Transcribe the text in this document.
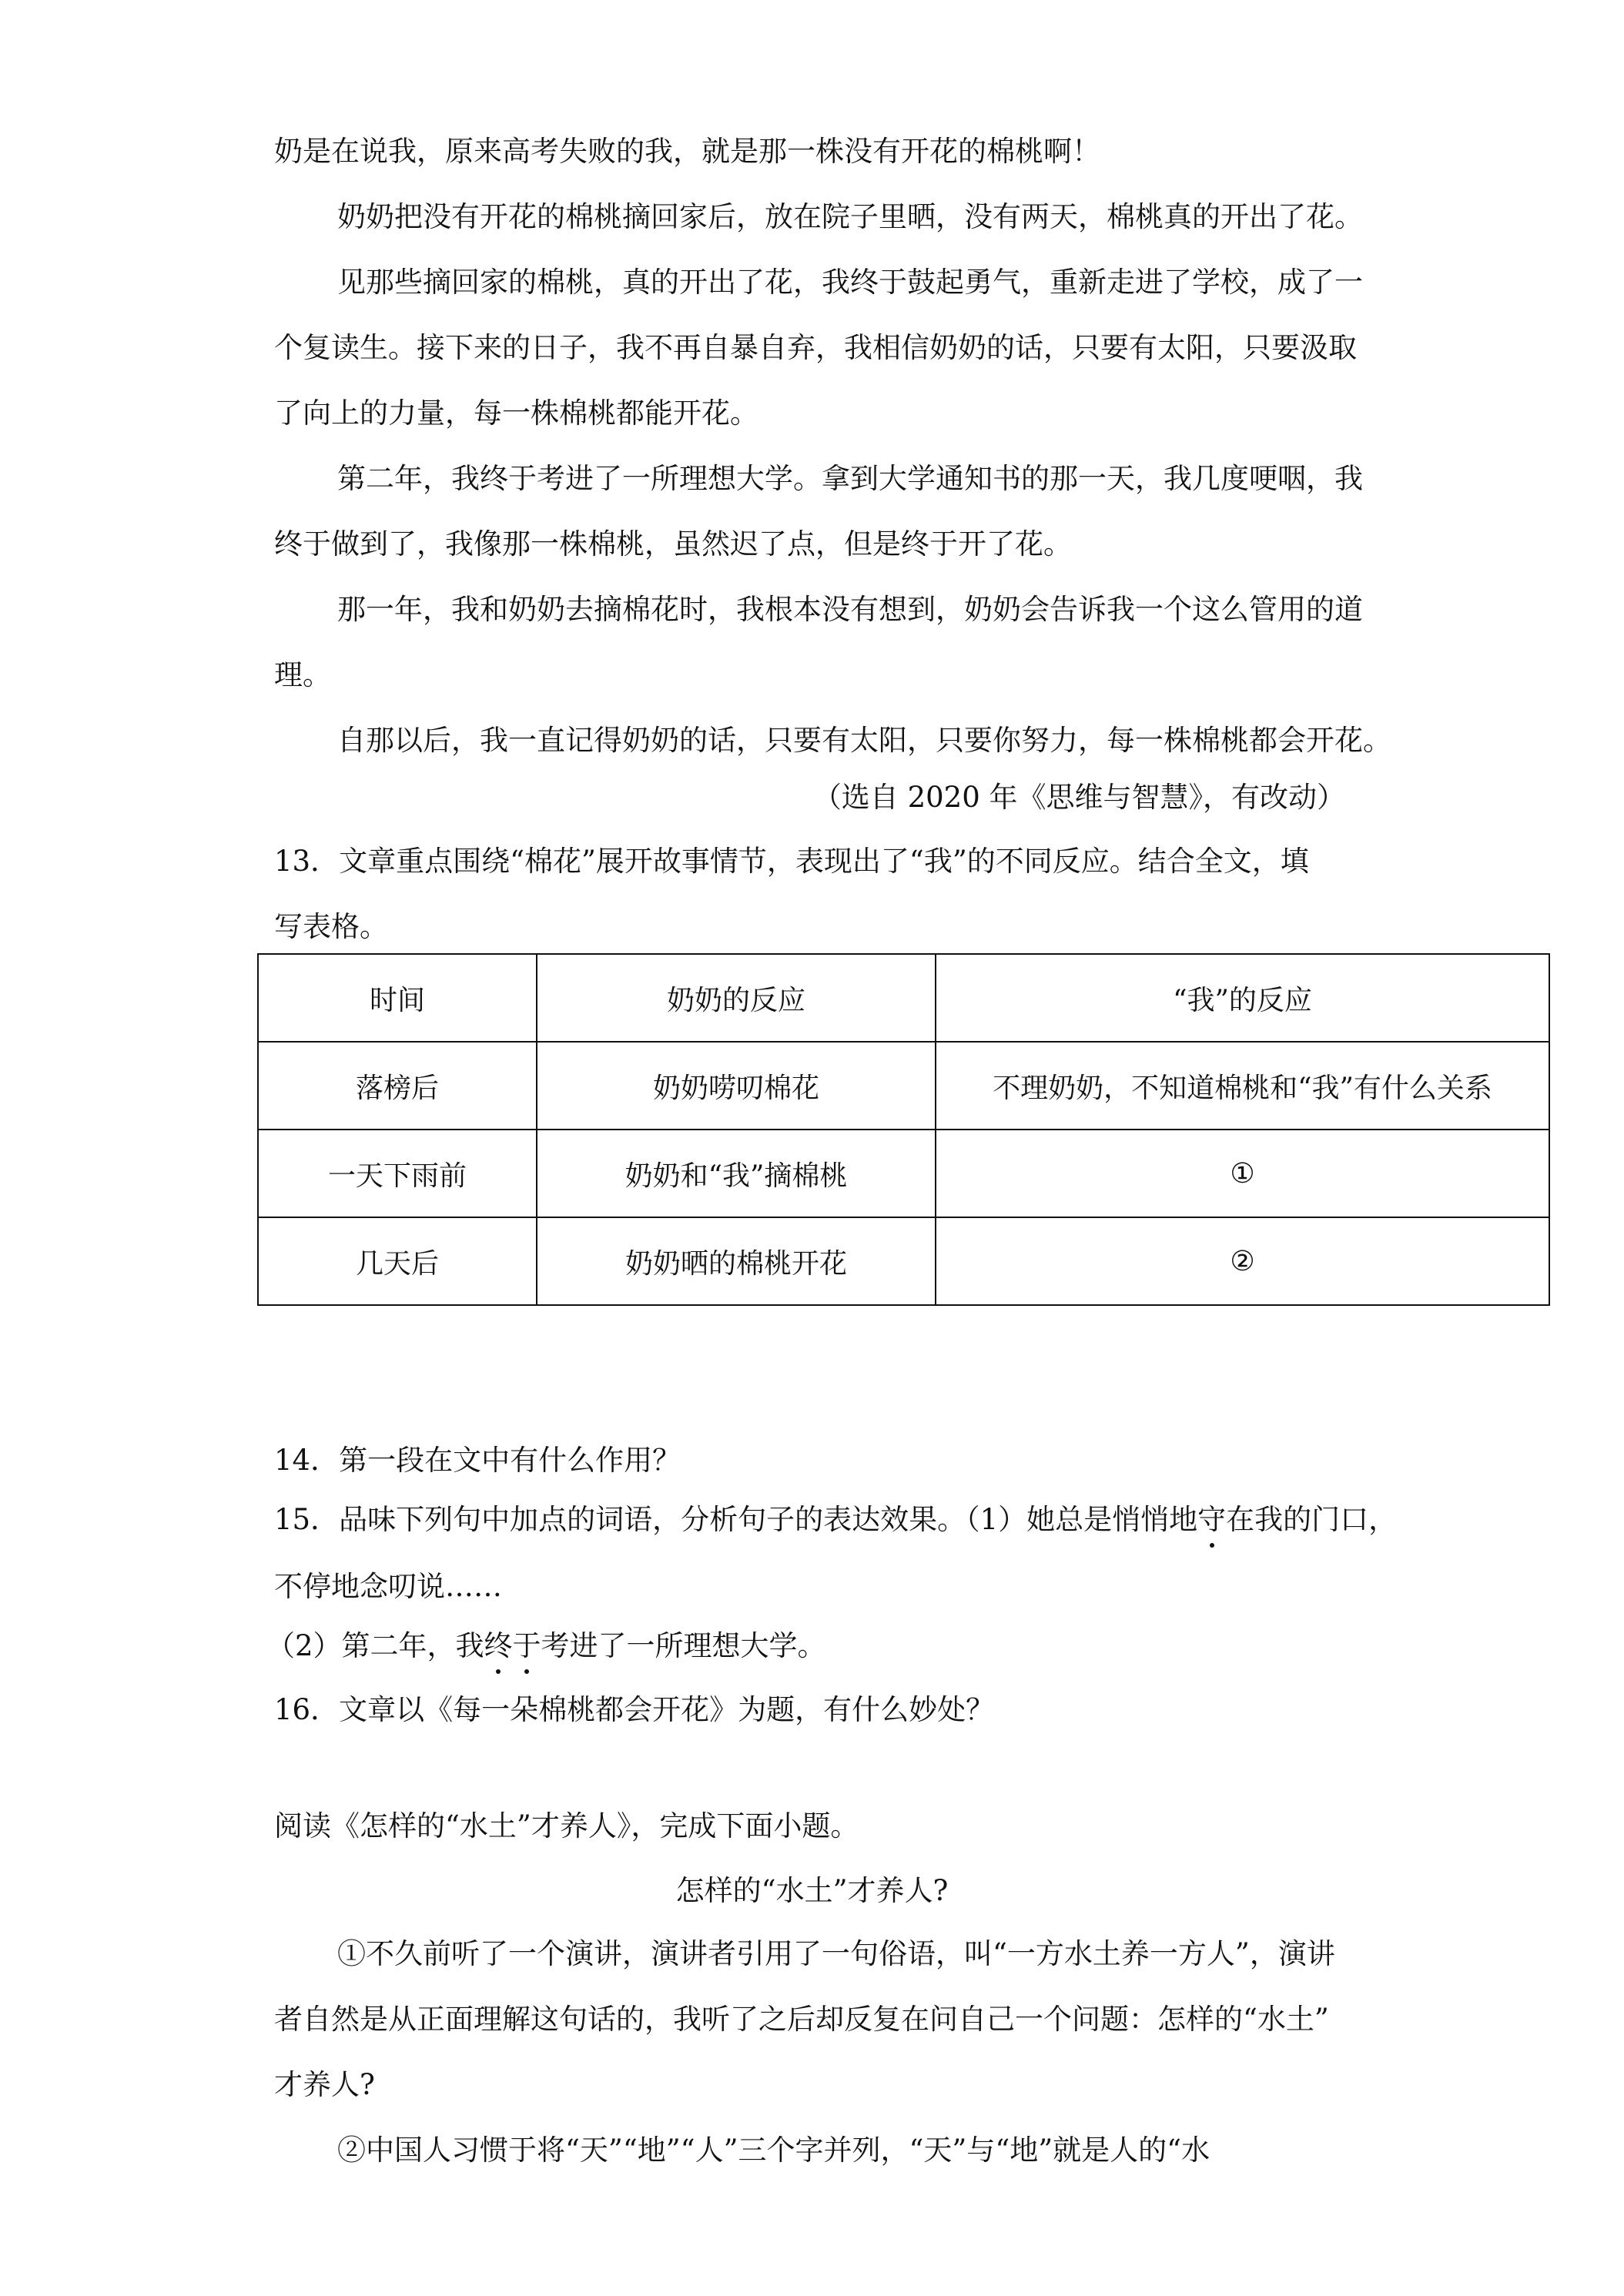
奶是在说我，原来高考失败的我，就是那一株没有开花的棉桃啊！
奶奶把没有开花的棉桃摘回家后，放在院子里晒，没有两天，棉桃真的开出了花。
见那些摘回家的棉桃，真的开出了花，我终于鼓起勇气，重新走进了学校，成了一
个复读生。接下来的日子，我不再自暴自弃，我相信奶奶的话，只要有太阳，只要汲取
了向上的力量，每一株棉桃都能开花。
第二年，我终于考进了一所理想大学。拿到大学通知书的那一天，我几度哽咽，我
终于做到了，我像那一株棉桃，虽然迟了点，但是终于开了花。
那一年，我和奶奶去摘棉花时，我根本没有想到，奶奶会告诉我一个这么管用的道
理。
自那以后，我一直记得奶奶的话，只要有太阳，只要你努力，每一株棉桃都会开花。
（选自 2020 年《思维与智慧》，有改动）
13．文章重点围绕“棉花”展开故事情节，表现出了“我”的不同反应。结合全文，填
写表格。
时间	奶奶的反应	“我”的反应
落榜后	奶奶唠叨棉花	不理奶奶，不知道棉桃和“我”有什么关系
一天下雨前	奶奶和“我”摘棉桃	①
几天后	奶奶晒的棉桃开花	②
14．第一段在文中有什么作用？
15．品味下列句中加点的词语，分析句子的表达效果。（1）她总是悄悄地守在我的门口，
不停地念叨说……
（2）第二年，我终于考进了一所理想大学。
16．文章以《每一朵棉桃都会开花》为题，有什么妙处？
阅读《怎样的“水土”才养人》，完成下面小题。
怎样的“水土”才养人?
①不久前听了一个演讲，演讲者引用了一句俗语，叫“一方水土养一方人”，演讲
者自然是从正面理解这句话的，我听了之后却反复在问自己一个问题：怎样的“水土”
才养人?
②中国人习惯于将“天”“地”“人”三个字并列，“天”与“地”就是人的“水
